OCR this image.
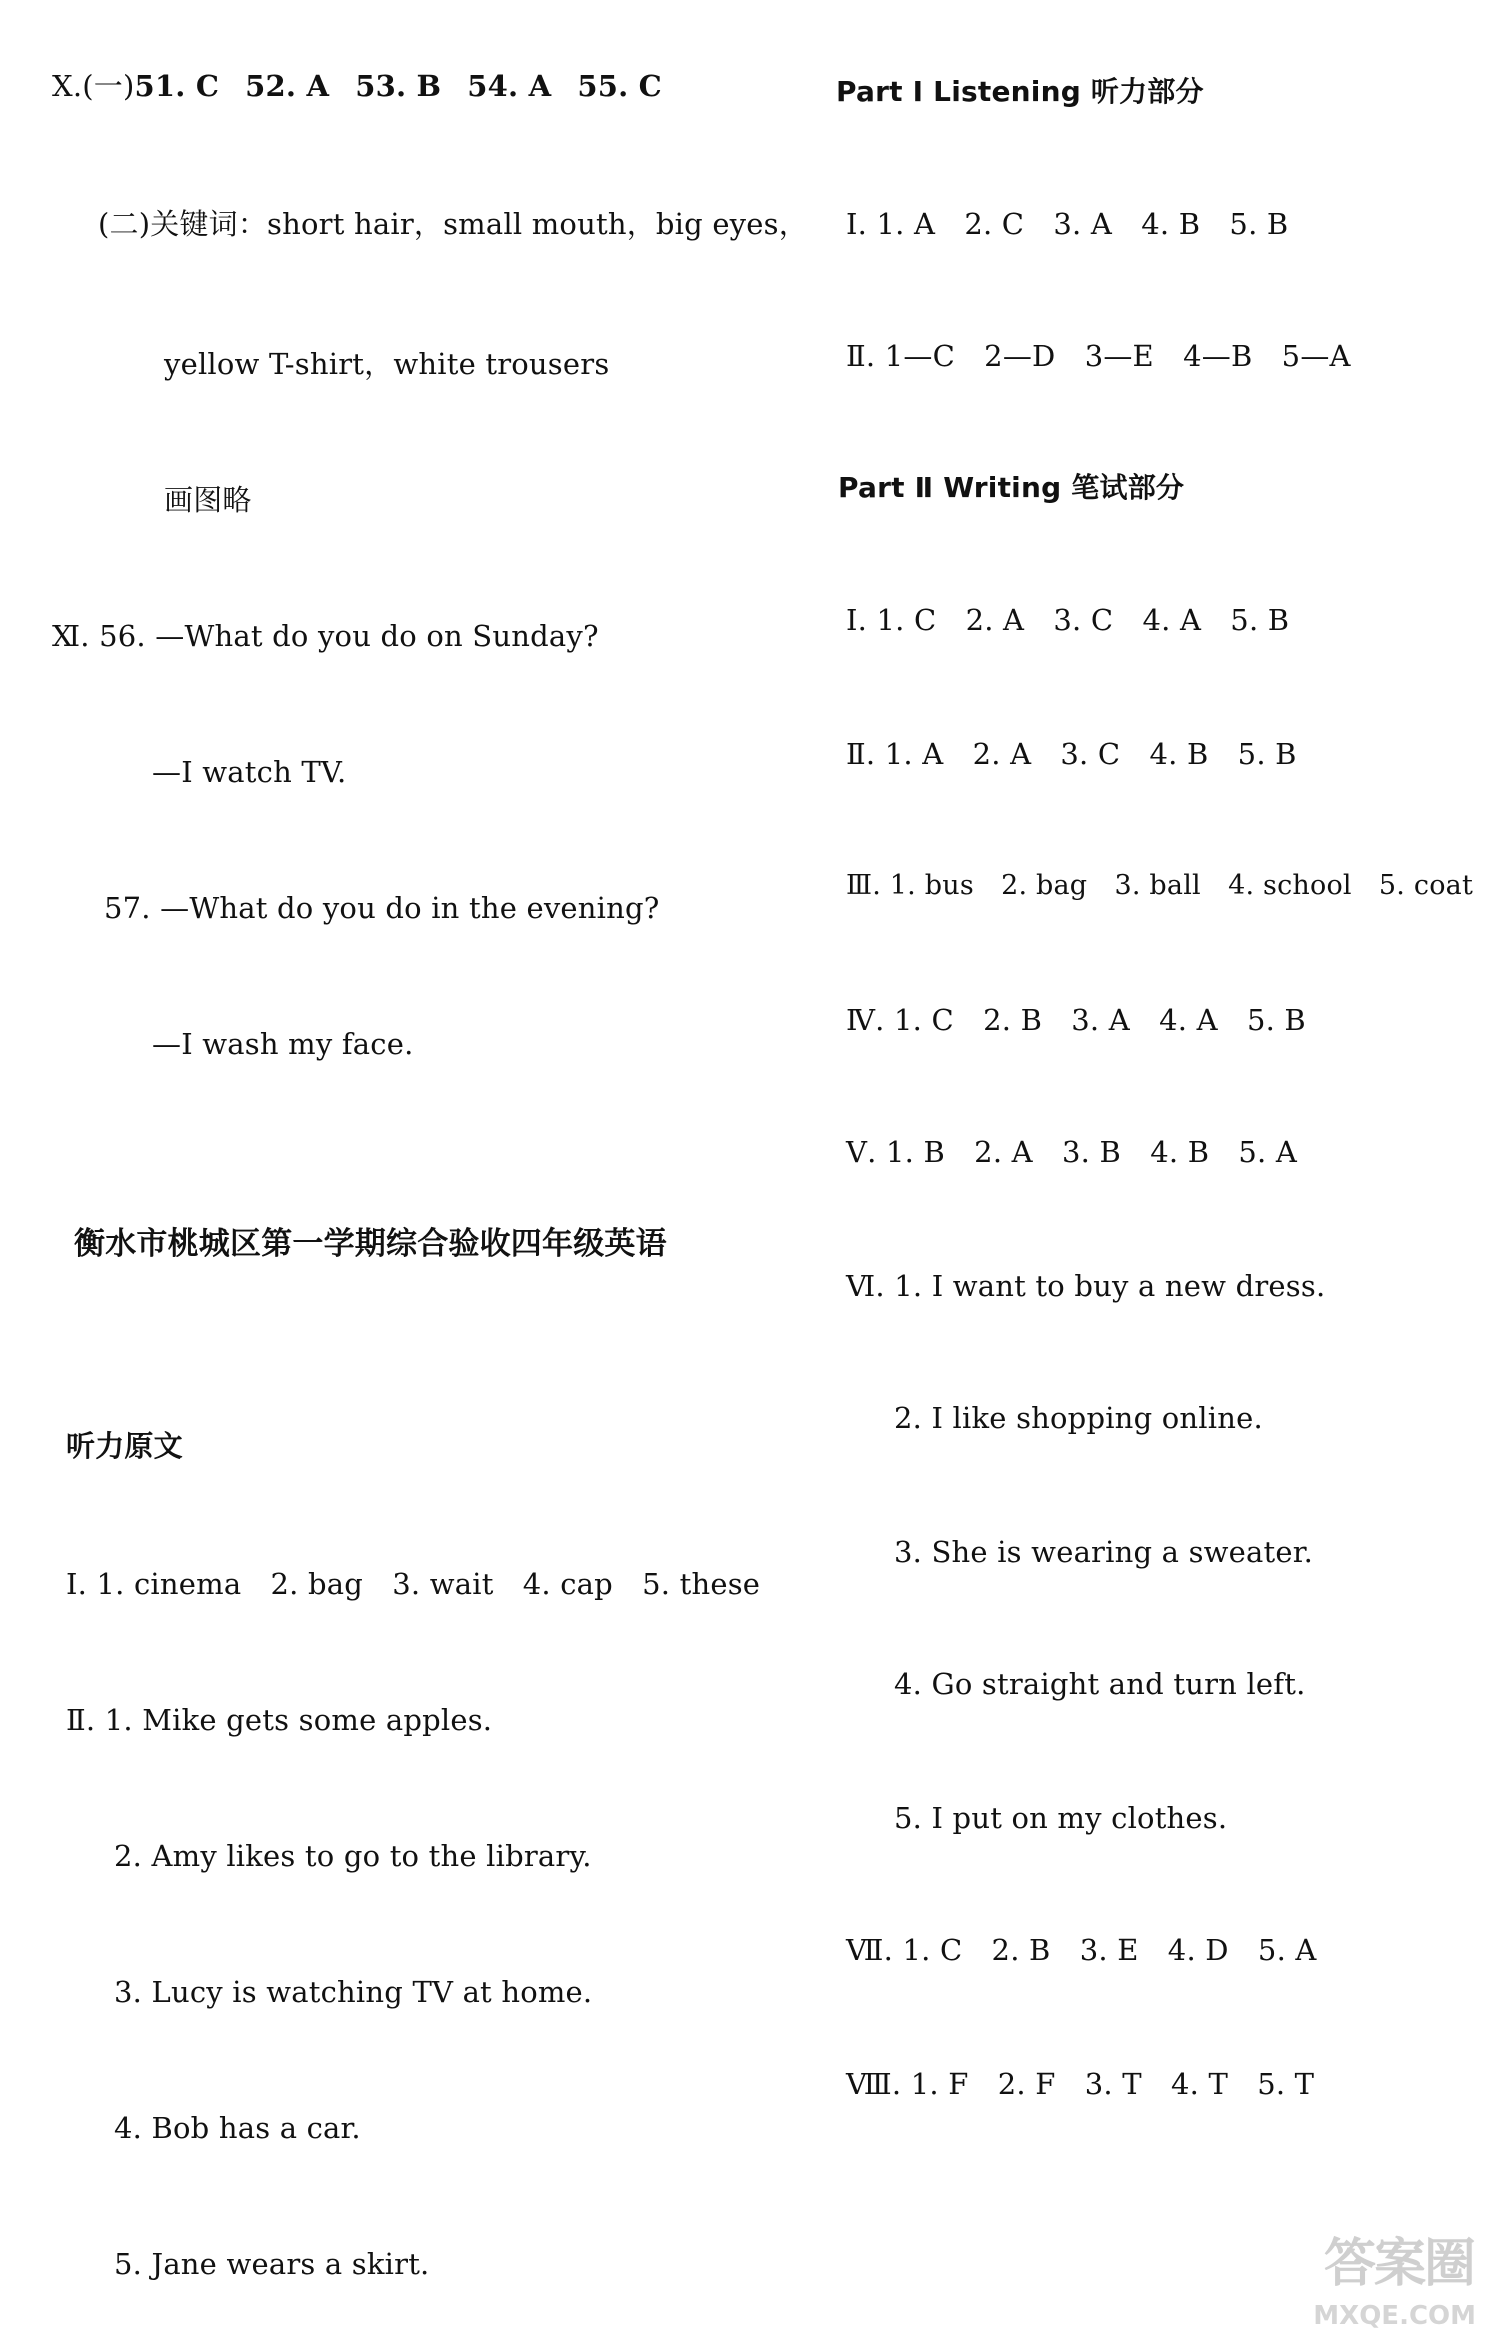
Ⅹ.(一)51. C 52. A 53. B 54. A 55. C
(二)关键词：short hair，small mouth，big eyes，
yellow T-shirt，white trousers
画图略
Ⅺ. 56. —What do you do on Sunday?
—I watch TV.
57. —What do you do in the evening?
—I wash my face.
衡水市桃城区第一学期综合验收四年级英语
听力原文
Ⅰ. 1. cinema　2. bag　3. wait　4. cap　5. these
Ⅱ. 1. Mike gets some apples.
2. Amy likes to go to the library.
3. Lucy is watching TV at home.
4. Bob has a car.
5. Jane wears a skirt.
Part Ⅰ Listening 听力部分
Ⅰ. 1. A　2. C　3. A　4. B　5. B
Ⅱ. 1—C　2—D　3—E　4—B　5—A
Part Ⅱ Writing 笔试部分
Ⅰ. 1. C　2. A　3. C　4. A　5. B
Ⅱ. 1. A　2. A　3. C　4. B　5. B
Ⅲ. 1. bus　2. bag　3. ball　4. school　5. coat
Ⅳ. 1. C　2. B　3. A　4. A　5. B
Ⅴ. 1. B　2. A　3. B　4. B　5. A
Ⅵ. 1. I want to buy a new dress.
2. I like shopping online.
3. She is wearing a sweater.
4. Go straight and turn left.
5. I put on my clothes.
Ⅶ. 1. C　2. B　3. E　4. D　5. A
Ⅷ. 1. F　2. F　3. T　4. T　5. T
答案圈
MXQE.COM
